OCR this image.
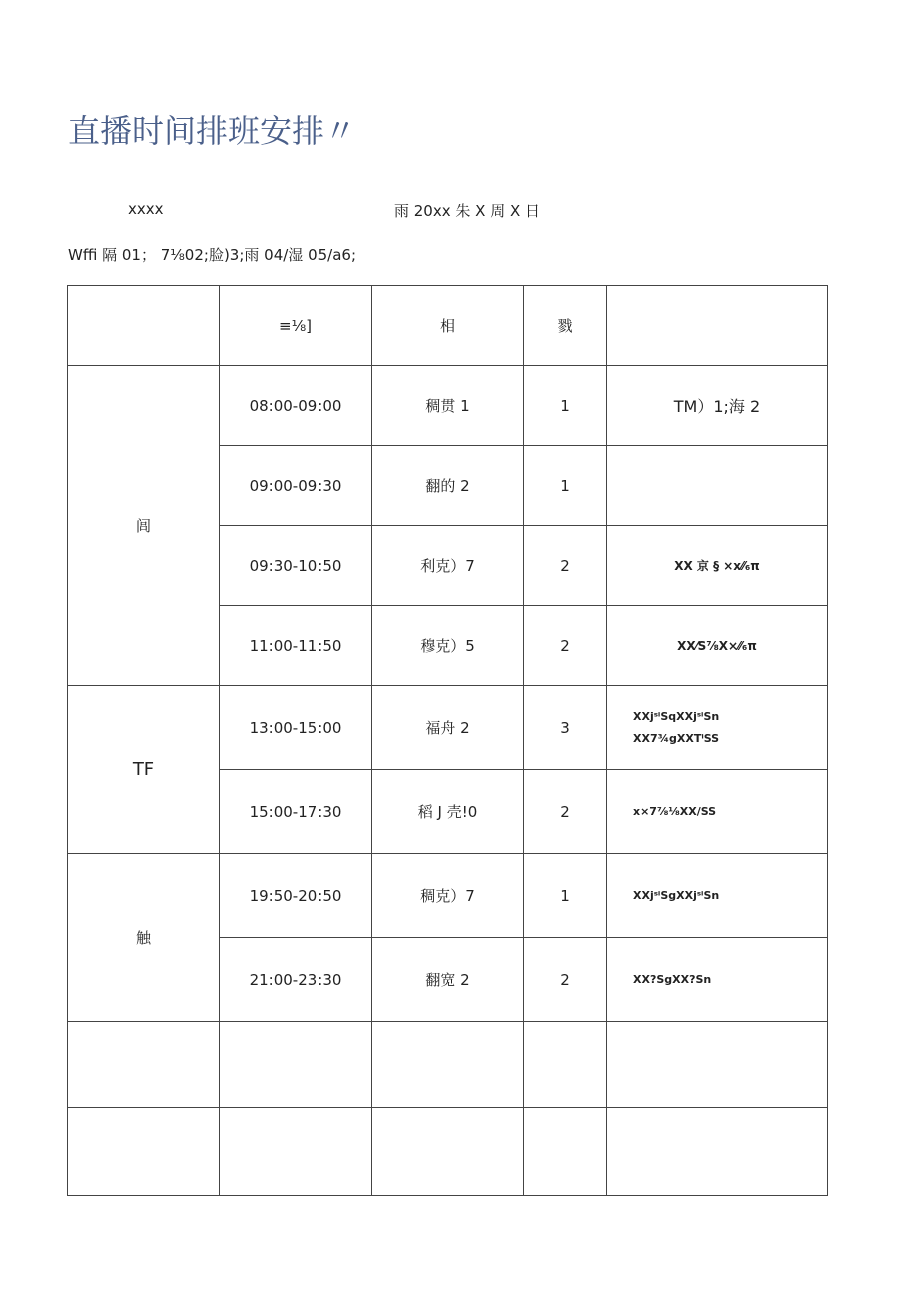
直播时间排班安排〃
xxxx	雨 20xx 朱 X 周 X 日
Wffi 隔 01； 7⅛02;脸)3;雨 04/湿 05/a6;
	≡⅛]	相	戮	
闾	08:00-09:00	稠贯 1	1	TM）1;海 2
	09:00-09:30	翻的 2	1	
	09:30-10:50	利克）7	2	XX 京 § ×x⁄⁄₆π
	11:00-11:50	穆克）5	2	XX⁄S⅞X×⁄⁄₆π
TF	13:00-15:00	福舟 2	3	XXjˢⁱSqXXjˢⁱSn
XX7¾gXXTⁱSS

	15:00-17:30	稻 J 壳!0	2	x×7⅞⅛XX/SS
触	19:50-20:50	稠克）7	1	XXjˢⁱSgXXjˢⁱSn
	21:00-23:30	翻宽 2	2	XX?SgXX?Sn
